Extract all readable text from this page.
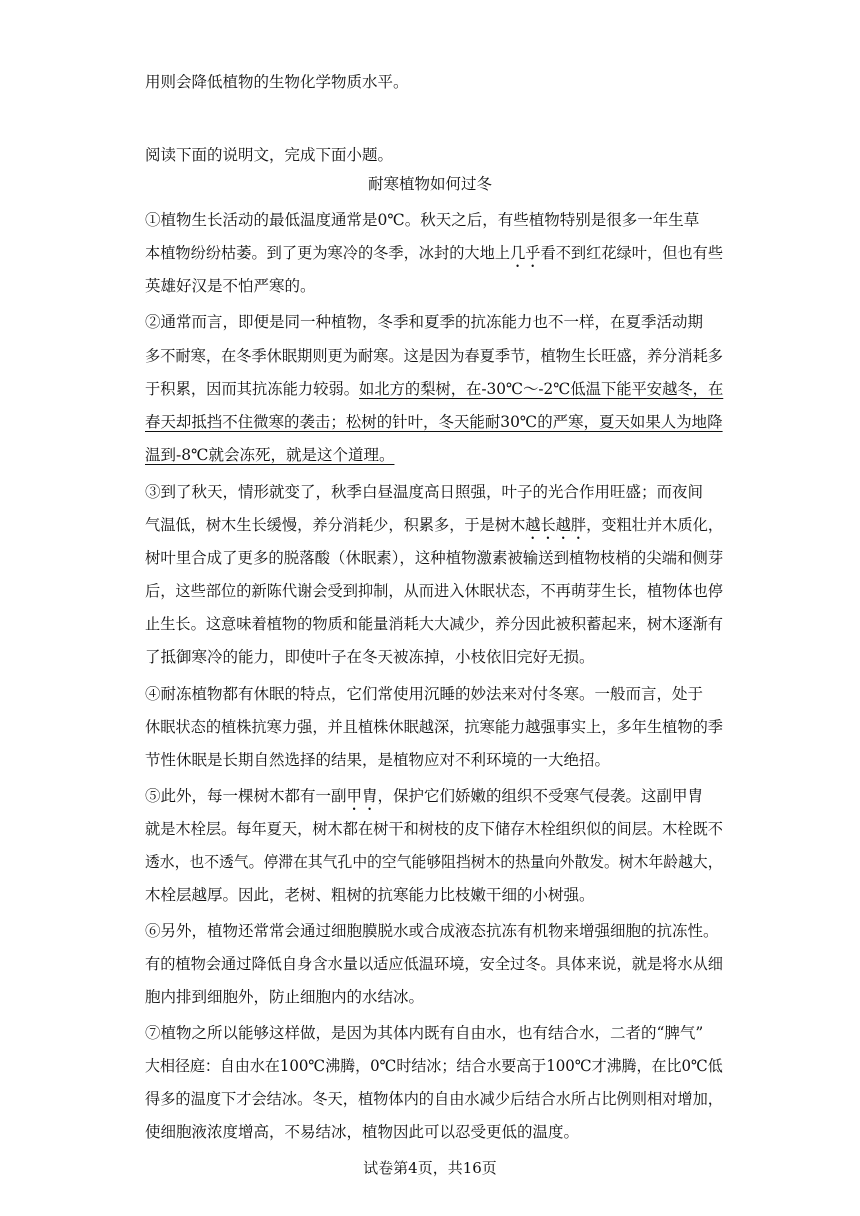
用则会降低植物的生物化学物质水平。
阅读下面的说明文，完成下面小题。
耐寒植物如何过冬
①植物生长活动的最低温度通常是0℃。秋天之后，有些植物特别是很多一年生草
本植物纷纷枯萎。到了更为寒冷的冬季，冰封的大地上几乎看不到红花绿叶，但也有些
英雄好汉是不怕严寒的。
②通常而言，即便是同一种植物，冬季和夏季的抗冻能力也不一样，在夏季活动期
多不耐寒，在冬季休眠期则更为耐寒。这是因为春夏季节，植物生长旺盛，养分消耗多
于积累，因而其抗冻能力较弱。如北方的梨树，在-30℃～-2℃低温下能平安越冬，在
春天却抵挡不住微寒的袭击；松树的针叶，冬天能耐30℃的严寒，夏天如果人为地降
温到-8℃就会冻死，就是这个道理。
③到了秋天，情形就变了，秋季白昼温度高日照强，叶子的光合作用旺盛；而夜间
气温低，树木生长缓慢，养分消耗少，积累多，于是树木越长越胖，变粗壮并木质化，
树叶里合成了更多的脱落酸（休眠素），这种植物激素被输送到植物枝梢的尖端和侧芽
后，这些部位的新陈代谢会受到抑制，从而进入休眠状态，不再萌芽生长，植物体也停
止生长。这意味着植物的物质和能量消耗大大减少，养分因此被积蓄起来，树木逐渐有
了抵御寒冷的能力，即使叶子在冬天被冻掉，小枝依旧完好无损。
④耐冻植物都有休眠的特点，它们常使用沉睡的妙法来对付冬寒。一般而言，处于
休眠状态的植株抗寒力强，并且植株休眠越深，抗寒能力越强事实上，多年生植物的季
节性休眠是长期自然选择的结果，是植物应对不利环境的一大绝招。
⑤此外，每一棵树木都有一副甲胄，保护它们娇嫩的组织不受寒气侵袭。这副甲胄
就是木栓层。每年夏天，树木都在树干和树枝的皮下储存木栓组织似的间层。木栓既不
透水，也不透气。停滞在其气孔中的空气能够阻挡树木的热量向外散发。树木年龄越大，
木栓层越厚。因此，老树、粗树的抗寒能力比枝嫩干细的小树强。
⑥另外，植物还常常会通过细胞膜脱水或合成液态抗冻有机物来增强细胞的抗冻性。
有的植物会通过降低自身含水量以适应低温环境，安全过冬。具体来说，就是将水从细
胞内排到细胞外，防止细胞内的水结冰。
⑦植物之所以能够这样做，是因为其体内既有自由水，也有结合水，二者的“脾气”
大相径庭：自由水在100℃沸腾，0℃时结冰；结合水要高于100℃才沸腾，在比0℃低
得多的温度下才会结冰。冬天，植物体内的自由水减少后结合水所占比例则相对增加，
使细胞液浓度增高，不易结冰，植物因此可以忍受更低的温度。
试卷第4页，共16页
